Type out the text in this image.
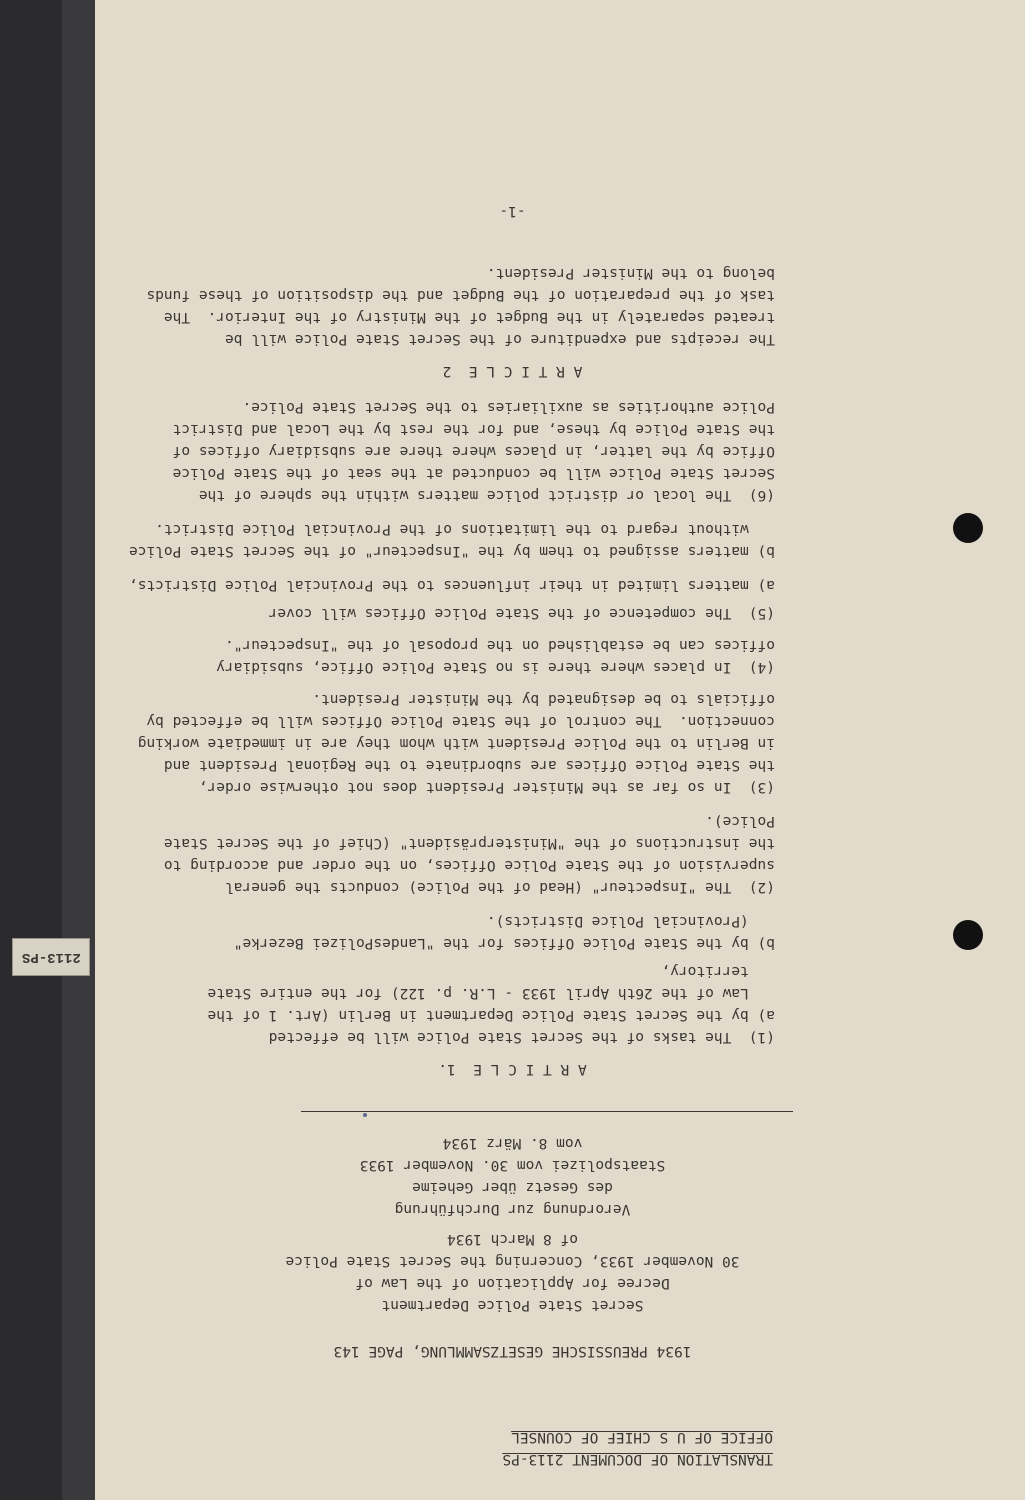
TRANSLATION OF DOCUMENT 2113-PS
OFFICE OF U S CHIEF OF COUNSEL
1934 PREUSSISCHE GESETZSAMMLUNG, PAGE 143
Secret State Police Department
Decree for Application of the Law of
30 November 1933, Concerning the Secret State Police
of 8 March 1934
Verordnung zur Durchführung
des Gesetz über Geheime
Staatspolizei vom 30. November 1933
vom 8. März 1934
A R T I C L E  1.
(1)  The tasks of the Secret State Police will be effected
a) by the Secret State Police Department in Berlin (Art. 1 of the
Law of the 26th April 1933 - L.R. p. 122) for the entire State
territory,
b) by the State Police Offices for the "LandesPolizei Bezerke"
(Provincial Police Districts).
(2)  The "Inspecteur" (Head of the Police) conducts the general
supervision of the State Police Offices, on the order and according to
the instructions of the "Ministerpräsident" (Chief of the Secret State
Police).
(3)  In so far as the Minister President does not otherwise order,
the State Police Offices are subordinate to the Regional President and
in Berlin to the Police President with whom they are in immediate working
connection.  The control of the State Police Offices will be effected by
officials to be designated by the Minister President.
(4)  In places where there is no State Police Office, subsidiary
offices can be established on the proposal of the "Inspecteur".
(5)  The competence of the State Police Offices will cover
a) matters limited in their influences to the Provincial Police Districts,
b) matters assigned to them by the "Inspecteur" of the Secret State Police
without regard to the limitations of the Provincial Police District.
(6)  The local or district police matters within the sphere of the
Secret State Police will be conducted at the seat of the State Police
Office by the latter, in places where there are subsidiary offices of
the State Police by these, and for the rest by the Local and District
Police authorities as auxiliaries to the Secret State Police.
A R T I C L E  2
The receipts and expenditure of the Secret State Police will be
treated separately in the Budget of the Ministry of the Interior.  The
task of the preparation of the Budget and the disposition of these funds
belong to the Minister President.
-1-
2113-PS
